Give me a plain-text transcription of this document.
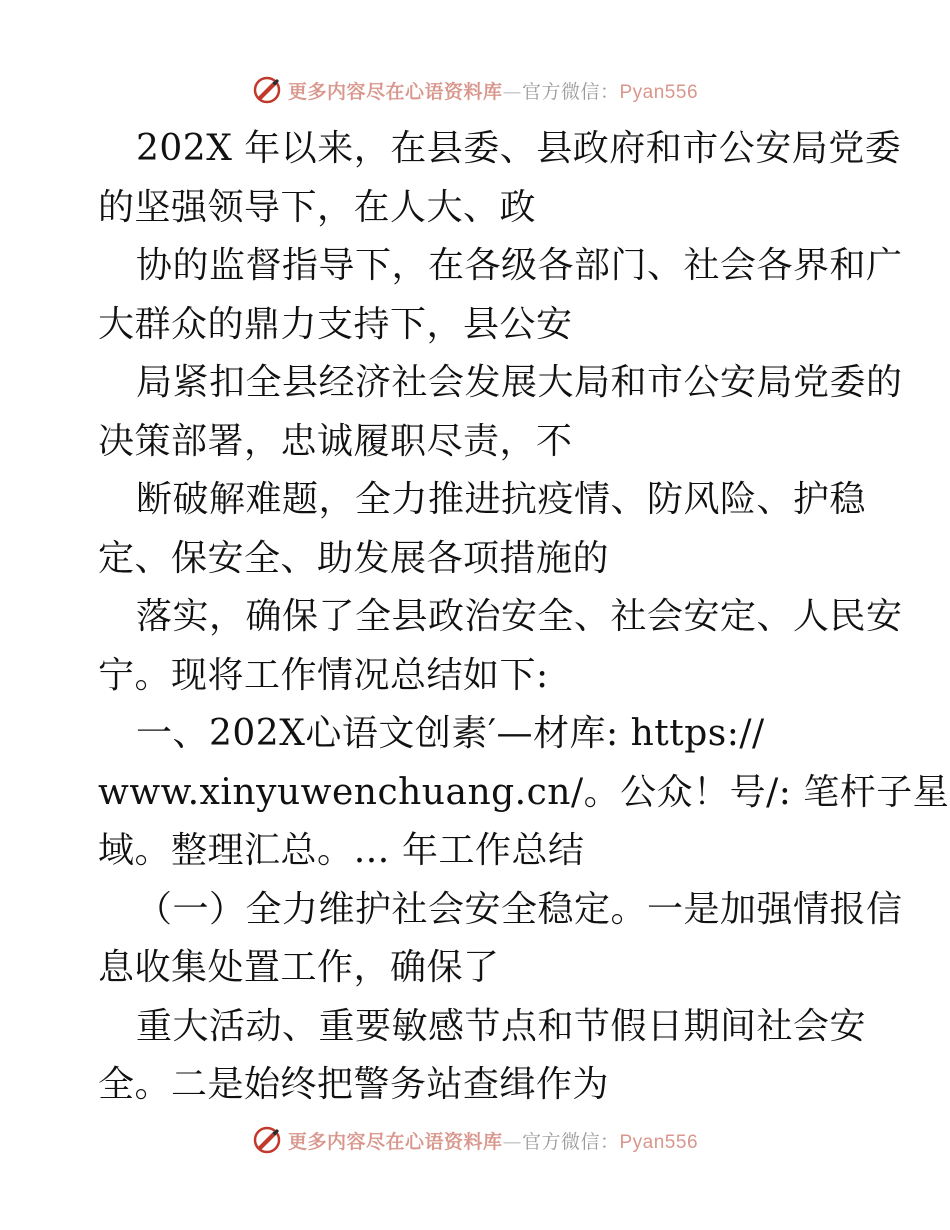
更多内容尽在心语资料库—官方微信：Pyan556
202X 年以来，在县委、县政府和市公安局党委
的坚强领导下，在人大、政
协的监督指导下，在各级各部门、社会各界和广
大群众的鼎力支持下，县公安
局紧扣全县经济社会发展大局和市公安局党委的
决策部署，忠诚履职尽责，不
断破解难题，全力推进抗疫情、防风险、护稳
定、保安全、助发展各项措施的
落实，确保了全县政治安全、社会安定、人民安
宁。现将工作情况总结如下:
一、202X心语文创素′—材库: https://
www.xinyuwenchuang.cn/。公众！号/: 笔杆子星
域。整理汇总。… 年工作总结
（一）全力维护社会安全稳定。一是加强情报信
息收集处置工作，确保了
重大活动、重要敏感节点和节假日期间社会安
全。二是始终把警务站查缉作为
更多内容尽在心语资料库—官方微信：Pyan556
